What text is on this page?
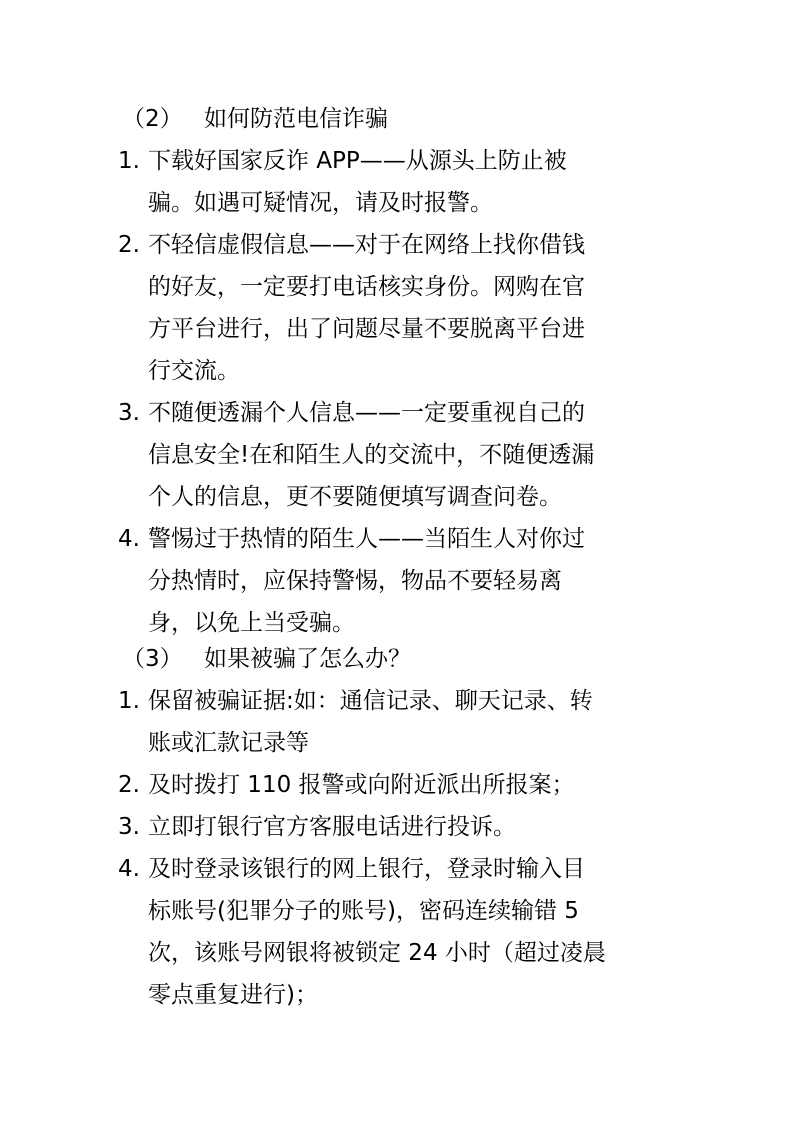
（2） 如何防范电信诈骗
1. 下载好国家反诈 APP——从源头上防止被
骗。如遇可疑情况，请及时报警。
2. 不轻信虚假信息——对于在网络上找你借钱
的好友，一定要打电话核实身份。网购在官
方平台进行，出了问题尽量不要脱离平台进
行交流。
3. 不随便透漏个人信息——一定要重视自己的
信息安全!在和陌生人的交流中，不随便透漏
个人的信息，更不要随便填写调查问卷。
4. 警惕过于热情的陌生人——当陌生人对你过
分热情时，应保持警惕，物品不要轻易离
身，以免上当受骗。
（3） 如果被骗了怎么办？
1. 保留被骗证据:如：通信记录、聊天记录、转
账或汇款记录等
2. 及时拨打 110 报警或向附近派出所报案；
3. 立即打银行官方客服电话进行投诉。
4. 及时登录该银行的网上银行，登录时输入目
标账号(犯罪分子的账号)，密码连续输错 5
次，该账号网银将被锁定 24 小时（超过凌晨
零点重复进行)；
